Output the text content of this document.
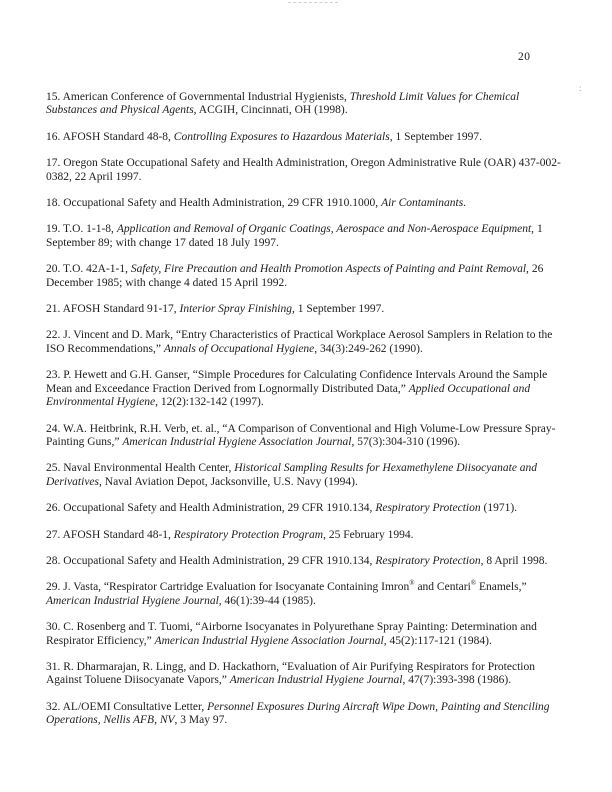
20
:

15. American Conference of Governmental Industrial Hygienists, Threshold Limit Values for Chemical Substances and Physical Agents, ACGIH, Cincinnati, OH (1998).

16. AFOSH Standard 48-8, Controlling Exposures to Hazardous Materials, 1 September 1997.

17. Oregon State Occupational Safety and Health Administration, Oregon Administrative Rule (OAR) 437-002-0382, 22 April 1997.

18. Occupational Safety and Health Administration, 29 CFR 1910.1000, Air Contaminants.

19. T.O. 1-1-8, Application and Removal of Organic Coatings, Aerospace and Non-Aerospace Equipment, 1 September 89; with change 17 dated 18 July 1997.

20. T.O. 42A-1-1, Safety, Fire Precaution and Health Promotion Aspects of Painting and Paint Removal, 26 December 1985; with change 4 dated 15 April 1992.

21. AFOSH Standard 91-17, Interior Spray Finishing, 1 September 1997.

22. J. Vincent and D. Mark, “Entry Characteristics of Practical Workplace Aerosol Samplers in Relation to the ISO Recommendations,” Annals of Occupational Hygiene, 34(3):249-262 (1990).

23. P. Hewett and G.H. Ganser, “Simple Procedures for Calculating Confidence Intervals Around the Sample Mean and Exceedance Fraction Derived from Lognormally Distributed Data,” Applied Occupational and Environmental Hygiene, 12(2):132-142 (1997).

24. W.A. Heitbrink, R.H. Verb, et. al., “A Comparison of Conventional and High Volume-Low Pressure Spray-Painting Guns,” American Industrial Hygiene Association Journal, 57(3):304-310 (1996).

25. Naval Environmental Health Center, Historical Sampling Results for Hexamethylene Diisocyanate and Derivatives, Naval Aviation Depot, Jacksonville, U.S. Navy (1994).

26. Occupational Safety and Health Administration, 29 CFR 1910.134, Respiratory Protection (1971).

27. AFOSH Standard 48-1, Respiratory Protection Program, 25 February 1994.

28. Occupational Safety and Health Administration, 29 CFR 1910.134, Respiratory Protection, 8 April 1998.

29. J. Vasta, “Respirator Cartridge Evaluation for Isocyanate Containing Imron® and Centari® Enamels,” American Industrial Hygiene Journal, 46(1):39-44 (1985).

30. C. Rosenberg and T. Tuomi, “Airborne Isocyanates in Polyurethane Spray Painting: Determination and Respirator Efficiency,” American Industrial Hygiene Association Journal, 45(2):117-121 (1984).

31. R. Dharmarajan, R. Lingg, and D. Hackathorn, “Evaluation of Air Purifying Respirators for Protection Against Toluene Diisocyanate Vapors,” American Industrial Hygiene Journal, 47(7):393-398 (1986).

32. AL/OEMI Consultative Letter, Personnel Exposures During Aircraft Wipe Down, Painting and Stenciling Operations, Nellis AFB, NV, 3 May 97.
